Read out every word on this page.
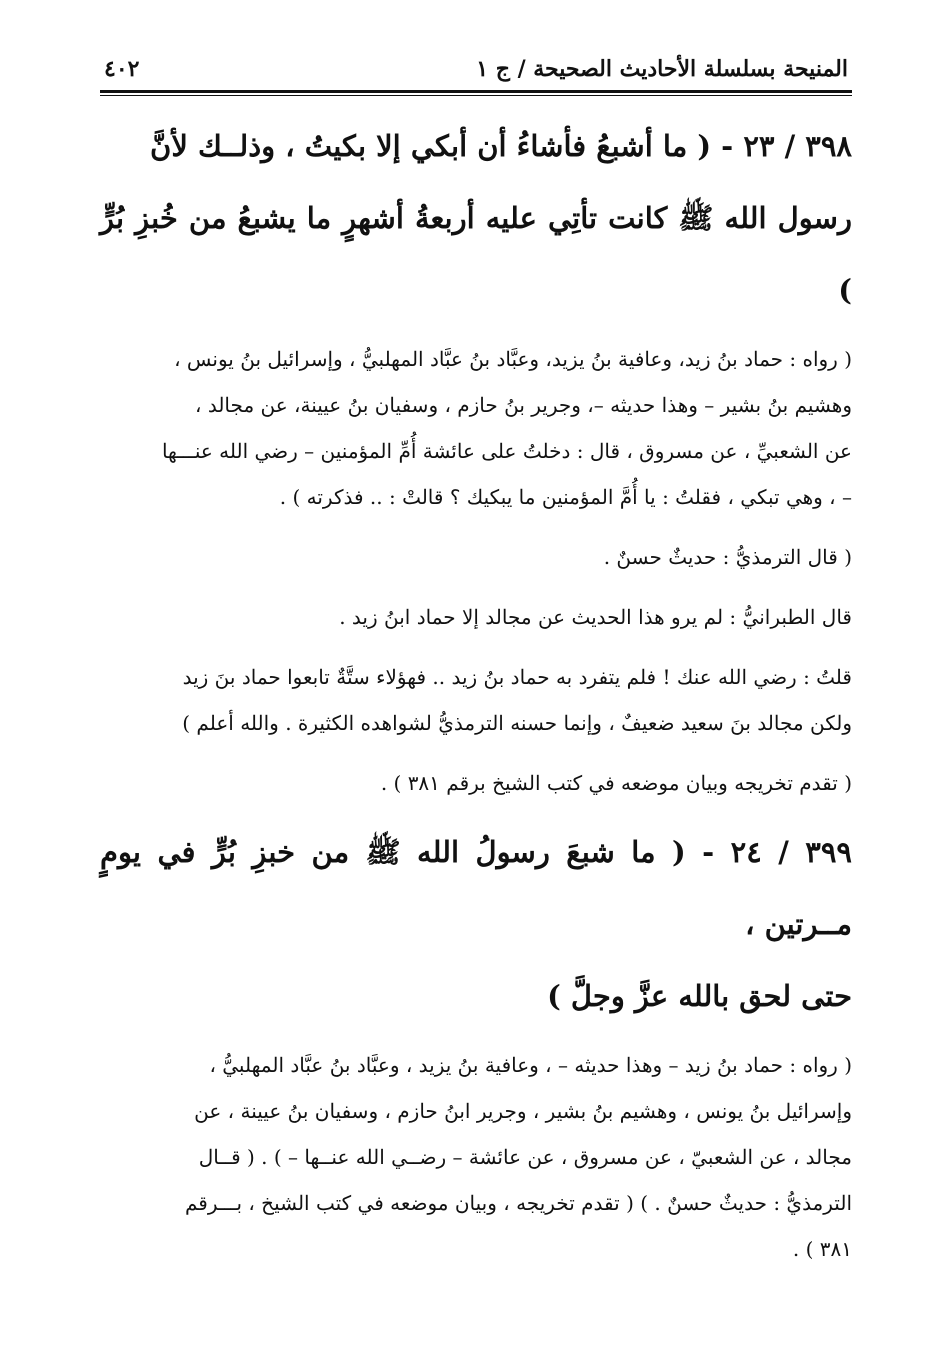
المنيحة بسلسلة الأحاديث الصحيحة / ج ١
٤٠٢

٣٩٨ / ٢٣ - ( ما أشبعُ فأشاءُ أن أبكي إلا بكيتُ ، وذلــك لأنَّ

رسول الله ﷺ كانت تأتِي عليه أربعةُ أشهرٍ ما يشبعُ من خُبزِ بُرٍّ )

( رواه : حماد بنُ زيد، وعافية بنُ يزيد، وعبَّاد بنُ عبَّاد المهلبيُّ ، وإسرائيل بنُ يونس ،

وهشيم بنُ بشير – وهذا حديثه –، وجرير بنُ حازم ، وسفيان بنُ عيينة، عن مجالد ،

عن الشعبيِّ ، عن مسروق ، قال : دخلتُ على عائشة أُمِّ المؤمنين – رضي الله عنـــها

– ، وهي تبكي ، فقلتُ : يا أُمَّ المؤمنين ما يبكيك ؟ قالتْ : .. فذكرته ) .

( قال الترمذيُّ : حديثٌ حسنٌ .

قال الطبرانيُّ : لم يرو هذا الحديث عن مجالد إلا حماد ابنُ زيد .

قلتُ : رضي الله عنك ! فلم يتفرد به حماد بنُ زيد .. فهؤلاء ستَّةٌ تابعوا حماد بنَ زيد

ولكن مجالد بنَ سعيد ضعيفٌ ، وإنما حسنه الترمذيُّ لشواهده الكثيرة . والله أعلم )

( تقدم تخريجه وبيان موضعه في كتب الشيخ برقم ٣٨١ ) .

٣٩٩ / ٢٤ - ( ما شبعَ رسولُ الله ﷺ من خبزِ بُرٍّ في يومٍ مــرتين ،

حتى لحق بالله عزَّ وجلَّ )

( رواه : حماد بنُ زيد – وهذا حديثه – ، وعافية بنُ يزيد ، وعبَّاد بنُ عبَّاد المهلبيُّ ،

وإسرائيل بنُ يونس ، وهشيم بنُ بشير ، وجرير ابنُ حازم ، وسفيان بنُ عيينة ، عن

مجالد ، عن الشعبيّ ، عن مسروق ، عن عائشة – رضــي الله عنــها – ) . ( قــال

الترمذيُّ : حديثٌ حسنٌ . ) ( تقدم تخريجه ، وبيان موضعه في كتب الشيخ ، بـــرقم

٣٨١ ) .
